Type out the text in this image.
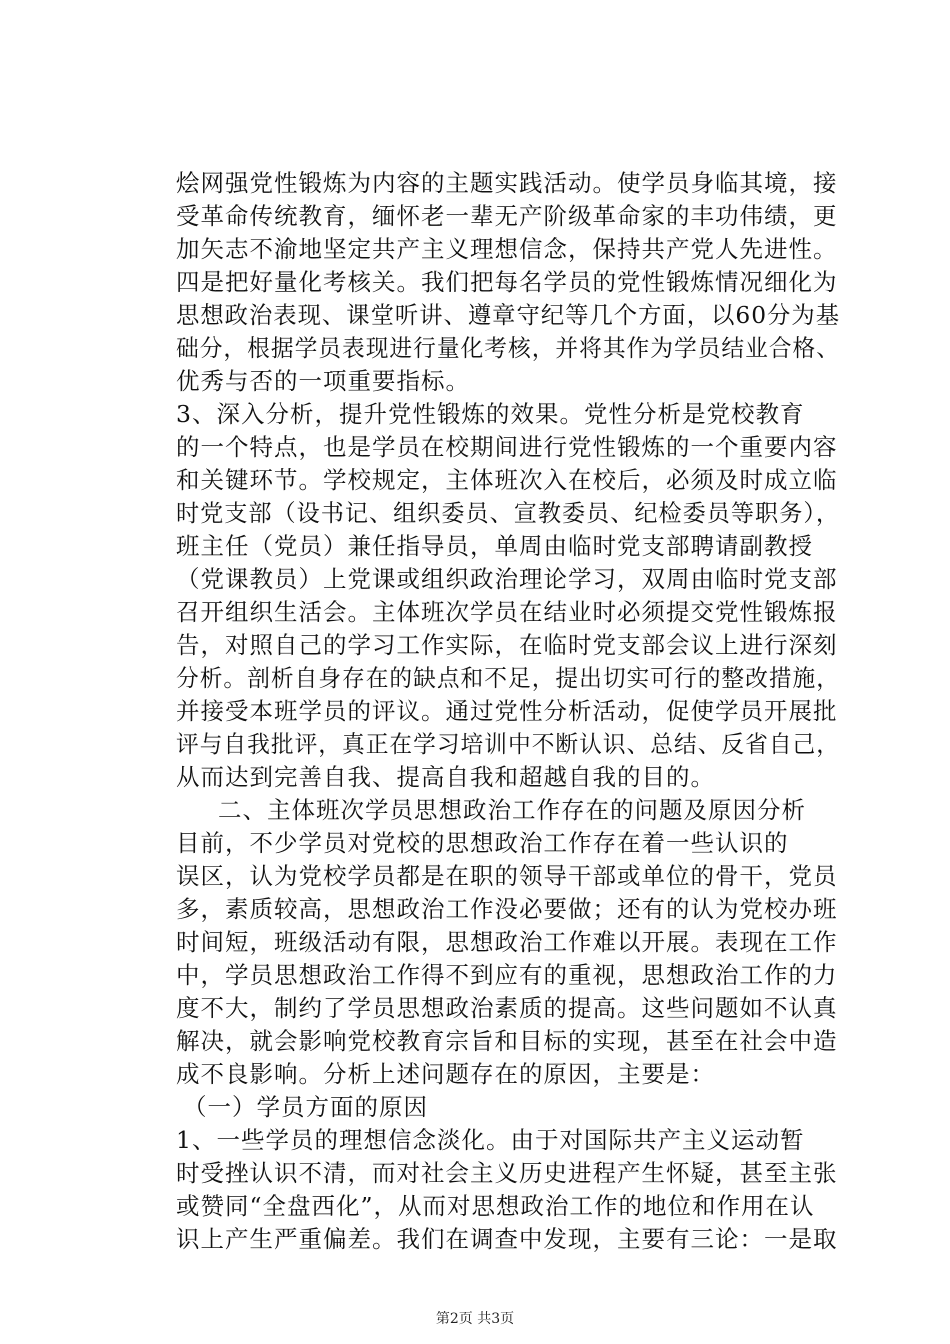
烩网强党性锻炼为内容的主题实践活动。使学员身临其境，接
受革命传统教育，缅怀老一辈无产阶级革命家的丰功伟绩，更
加矢志不渝地坚定共产主义理想信念，保持共产党人先进性。
四是把好量化考核关。我们把每名学员的党性锻炼情况细化为
思想政治表现、课堂听讲、遵章守纪等几个方面，以60分为基
础分，根据学员表现进行量化考核，并将其作为学员结业合格、
优秀与否的一项重要指标。
3、深入分析，提升党性锻炼的效果。党性分析是党校教育
的一个特点，也是学员在校期间进行党性锻炼的一个重要内容
和关键环节。学校规定，主体班次入在校后，必须及时成立临
时党支部（设书记、组织委员、宣教委员、纪检委员等职务），
班主任（党员）兼任指导员，单周由临时党支部聘请副教授
（党课教员）上党课或组织政治理论学习，双周由临时党支部
召开组织生活会。主体班次学员在结业时必须提交党性锻炼报
告，对照自己的学习工作实际，在临时党支部会议上进行深刻
分析。剖析自身存在的缺点和不足，提出切实可行的整改措施，
并接受本班学员的评议。通过党性分析活动，促使学员开展批
评与自我批评，真正在学习培训中不断认识、总结、反省自己，
从而达到完善自我、提高自我和超越自我的目的。
二、主体班次学员思想政治工作存在的问题及原因分析
目前，不少学员对党校的思想政治工作存在着一些认识的
误区，认为党校学员都是在职的领导干部或单位的骨干，党员
多，素质较高，思想政治工作没必要做；还有的认为党校办班
时间短，班级活动有限，思想政治工作难以开展。表现在工作
中，学员思想政治工作得不到应有的重视，思想政治工作的力
度不大，制约了学员思想政治素质的提高。这些问题如不认真
解决，就会影响党校教育宗旨和目标的实现，甚至在社会中造
成不良影响。分析上述问题存在的原因，主要是：
（一）学员方面的原因
1、一些学员的理想信念淡化。由于对国际共产主义运动暂
时受挫认识不清，而对社会主义历史进程产生怀疑，甚至主张
或赞同“全盘西化”，从而对思想政治工作的地位和作用在认
识上产生严重偏差。我们在调查中发现，主要有三论：一是取
第2页 共3页
